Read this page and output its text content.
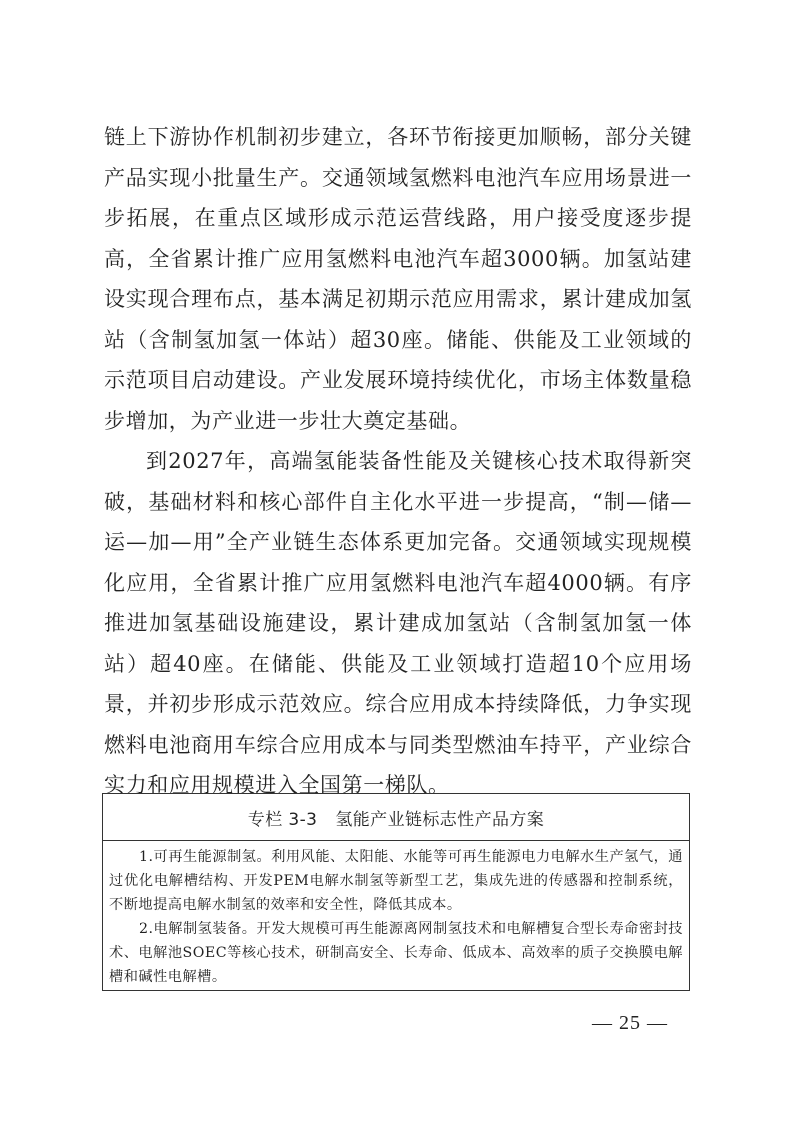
链上下游协作机制初步建立，各环节衔接更加顺畅，部分关键产品实现小批量生产。交通领域氢燃料电池汽车应用场景进一步拓展，在重点区域形成示范运营线路，用户接受度逐步提高，全省累计推广应用氢燃料电池汽车超3000辆。加氢站建设实现合理布点，基本满足初期示范应用需求，累计建成加氢站（含制氢加氢一体站）超30座。储能、供能及工业领域的示范项目启动建设。产业发展环境持续优化，市场主体数量稳步增加，为产业进一步壮大奠定基础。

到2027年，高端氢能装备性能及关键核心技术取得新突破，基础材料和核心部件自主化水平进一步提高，“制—储—运—加—用”全产业链生态体系更加完备。交通领域实现规模化应用，全省累计推广应用氢燃料电池汽车超4000辆。有序推进加氢基础设施建设，累计建成加氢站（含制氢加氢一体站）超40座。在储能、供能及工业领域打造超10个应用场景，并初步形成示范效应。综合应用成本持续降低，力争实现燃料电池商用车综合应用成本与同类型燃油车持平，产业综合实力和应用规模进入全国第一梯队。

专栏 3-3 氢能产业链标志性产品方案

1.可再生能源制氢。利用风能、太阳能、水能等可再生能源电力电解水生产氢气，通过优化电解槽结构、开发PEM电解水制氢等新型工艺，集成先进的传感器和控制系统，不断地提高电解水制氢的效率和安全性，降低其成本。

2.电解制氢装备。开发大规模可再生能源离网制氢技术和电解槽复合型长寿命密封技术、电解池SOEC等核心技术，研制高安全、长寿命、低成本、高效率的质子交换膜电解槽和碱性电解槽。

— 25 —
